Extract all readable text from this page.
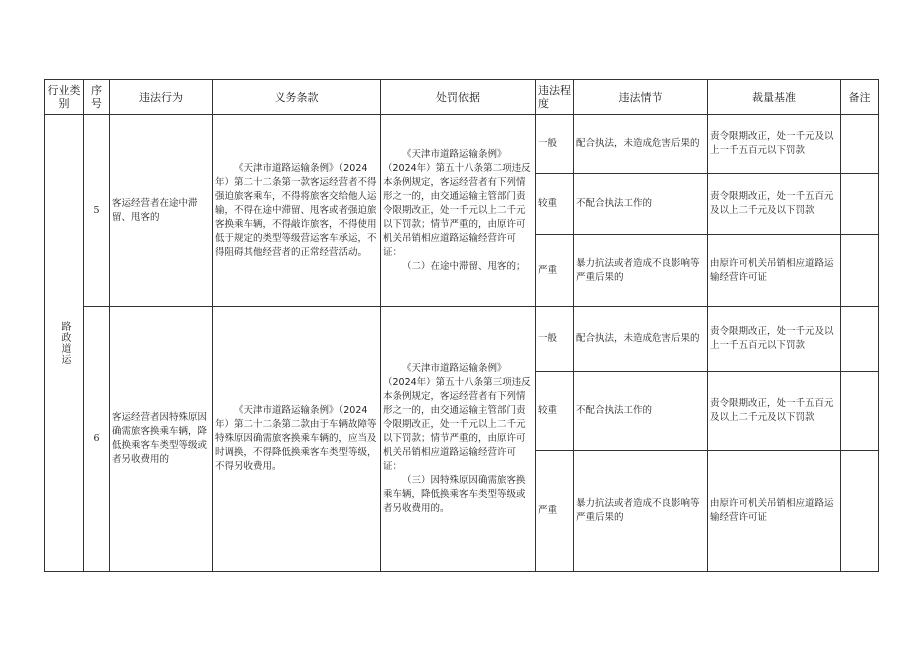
行业类别	序号	违法行为	义务条款	处罚依据	违法程度	违法情节	裁量基准	备注

路政道运	5	客运经营者在途中滞留、甩客的	《天津市道路运输条例》（2024年）第二十二条第一款客运经营者不得强迫旅客乘车，不得将旅客交给他人运输，不得在途中滞留、甩客或者强迫旅客换乘车辆，不得敲诈旅客，不得使用低于规定的类型等级营运客车承运，不得阻碍其他经营者的正常经营活动。	《天津市道路运输条例》（2024年）第五十八条第二项违反本条例规定，客运经营者有下列情形之一的，由交通运输主管部门责令限期改正，处一千元以上二千元以下罚款；情节严重的，由原许可机关吊销相应道路运输经营许可证：
（二）在途中滞留、甩客的；	一般	配合执法，未造成危害后果的	责令限期改正，处一千元及以上一千五百元以下罚款	
					较重	不配合执法工作的	责令限期改正，处一千五百元及以上二千元及以下罚款	
					严重	暴力抗法或者造成不良影响等严重后果的	由原许可机关吊销相应道路运输经营许可证	
	6	客运经营者因特殊原因确需旅客换乘车辆，降低换乘客车类型等级或者另收费用的	《天津市道路运输条例》（2024年）第二十二条第二款由于车辆故障等特殊原因确需旅客换乘车辆的，应当及时调换，不得降低换乘客车类型等级，不得另收费用。	《天津市道路运输条例》（2024年）第五十八条第三项违反本条例规定，客运经营者有下列情形之一的，由交通运输主管部门责令限期改正，处一千元以上二千元以下罚款；情节严重的，由原许可机关吊销相应道路运输经营许可证：
（三）因特殊原因确需旅客换乘车辆，降低换乘客车类型等级或者另收费用的。	一般	配合执法，未造成危害后果的	责令限期改正，处一千元及以上一千五百元以下罚款	
					较重	不配合执法工作的	责令限期改正，处一千五百元及以上二千元及以下罚款	
					严重	暴力抗法或者造成不良影响等严重后果的	由原许可机关吊销相应道路运输经营许可证	
